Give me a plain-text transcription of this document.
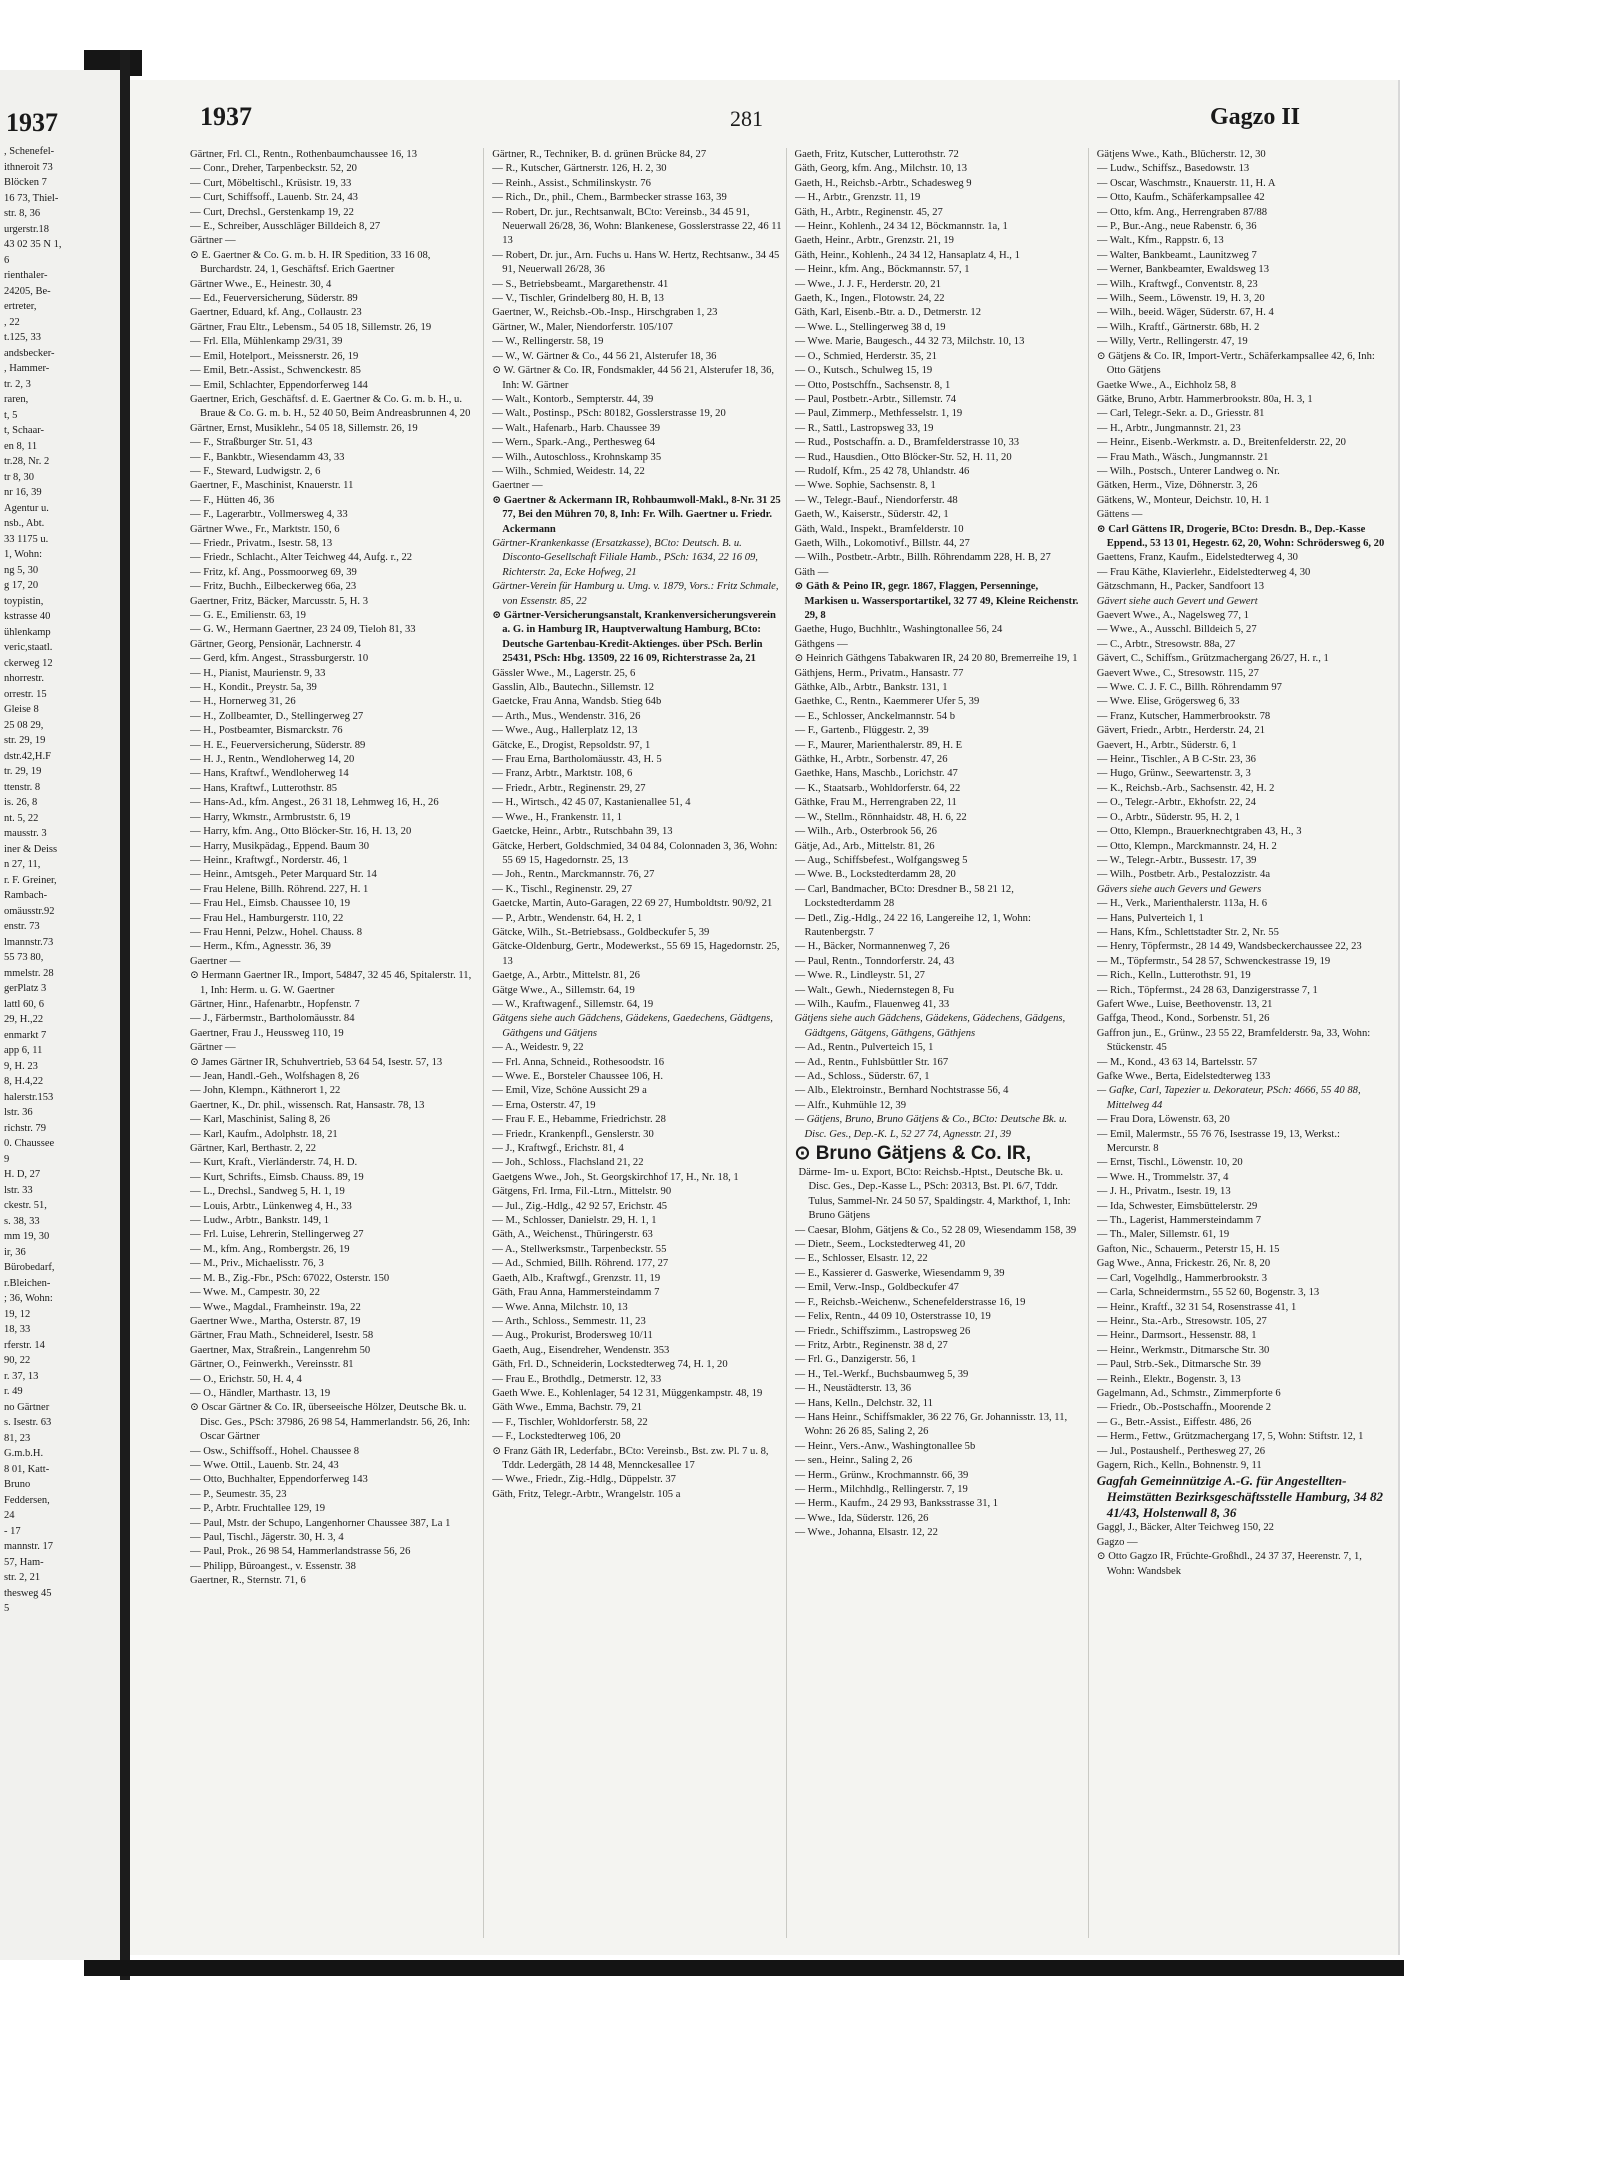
1937
, Schenefel-
ithneroit 73
Blöcken 7
16 73, Thiel-
str. 8, 36
urgerstr.18
43 02 35 N 1,
6
rienthaler-
24205, Be-
ertreter,
, 22
t.125, 33
andsbecker-
, Hammer-
tr. 2, 3
raren,
t, 5
t, Schaar-
en 8, 11
tr.28, Nr. 2
tr 8, 30
nr 16, 39
Agentur u.
nsb., Abt.
33 1175 u.
1, Wohn:
ng 5, 30
g 17, 20
toypistin,
kstrasse 40
ühlenkamp
veric,staatl.
ckerweg 12
nhorrestr.
orrestr. 15
Gleise 8
25 08 29,
str. 29, 19
dstr.42,H.F
tr. 29, 19
ttenstr. 8
is. 26, 8
nt. 5, 22
mausstr. 3
iner & Deiss
n 27, 11,
r. F. Greiner,
Rambach-
omäusstr.92
enstr. 73
lmannstr.73
55 73 80,
mmelstr. 28
gerPlatz 3
lattl 60, 6
29, H.,22
enmarkt 7
app 6, 11
9, H. 23
8, H.4,22
halerstr.153
lstr. 36
richstr. 79
0. Chaussee
9
H. D, 27
lstr. 33
ckestr. 51,
s. 38, 33
mm 19, 30
ir, 36
Bürobedarf,
r.Bleichen-
; 36, Wohn:
19, 12
18, 33
rferstr. 14
90, 22
r. 37, 13
r. 49
no Gärtner
s. Isestr. 63
81, 23
G.m.b.H.
8 01, Katt-
Bruno
Feddersen,
24
- 17
mannstr. 17
57, Ham-
str. 2, 21
thesweg 45
5
1937	281	Gagzo II

Gärtner, Frl. Cl., Rentn., Rothenbaumchaussee 16, 13

— Conr., Dreher, Tarpenbeckstr. 52, 20

— Curt, Möbeltischl., Krüsistr. 19, 33

— Curt, Schiffsoff., Lauenb. Str. 24, 43

— Curt, Drechsl., Gerstenkamp 19, 22

— E., Schreiber, Ausschläger Billdeich 8, 27

Gärtner —

⊙ E. Gaertner & Co. G. m. b. H. IR Spedition, 33 16 08, Burchardstr. 24, 1, Geschäftsf. Erich Gaertner

Gärtner Wwe., E., Heinestr. 30, 4

— Ed., Feuerversicherung, Süderstr. 89

Gaertner, Eduard, kf. Ang., Collaustr. 23

Gärtner, Frau Eltr., Lebensm., 54 05 18, Sillemstr. 26, 19

— Frl. Ella, Mühlenkamp 29/31, 39

— Emil, Hotelport., Meissnerstr. 26, 19

— Emil, Betr.-Assist., Schwenckestr. 85

— Emil, Schlachter, Eppendorferweg 144

Gaertner, Erich, Geschäftsf. d. E. Gaertner & Co. G. m. b. H., u. Braue & Co. G. m. b. H., 52 40 50, Beim Andreasbrunnen 4, 20

Gärtner, Ernst, Musiklehr., 54 05 18, Sillemstr. 26, 19

— F., Straßburger Str. 51, 43

— F., Bankbtr., Wiesendamm 43, 33

— F., Steward, Ludwigstr. 2, 6

Gaertner, F., Maschinist, Knauerstr. 11

— F., Hütten 46, 36

— F., Lagerarbtr., Vollmersweg 4, 33

Gärtner Wwe., Fr., Marktstr. 150, 6

— Friedr., Privatm., Isestr. 58, 13

— Friedr., Schlacht., Alter Teichweg 44, Aufg. r., 22

— Fritz, kf. Ang., Possmoorweg 69, 39

— Fritz, Buchh., Eilbeckerweg 66a, 23

Gaertner, Fritz, Bäcker, Marcusstr. 5, H. 3

— G. E., Emilienstr. 63, 19

— G. W., Hermann Gaertner, 23 24 09, Tieloh 81, 33

Gärtner, Georg, Pensionär, Lachnerstr. 4

— Gerd, kfm. Angest., Strassburgerstr. 10

— H., Pianist, Maurienstr. 9, 33

— H., Kondit., Preystr. 5a, 39

— H., Hornerweg 31, 26

— H., Zollbeamter, D., Stellingerweg 27

— H., Postbeamter, Bismarckstr. 76

— H. E., Feuerversicherung, Süderstr. 89

— H. J., Rentn., Wendloherweg 14, 20

— Hans, Kraftwf., Wendloherweg 14

— Hans, Kraftwf., Lutterothstr. 85

— Hans-Ad., kfm. Angest., 26 31 18, Lehmweg 16, H., 26

— Harry, Wkmstr., Armbruststr. 6, 19

— Harry, kfm. Ang., Otto Blöcker-Str. 16, H. 13, 20

— Harry, Musikpädag., Eppend. Baum 30

— Heinr., Kraftwgf., Norderstr. 46, 1

— Heinr., Amtsgeh., Peter Marquard Str. 14

— Frau Helene, Billh. Röhrend. 227, H. 1

— Frau Hel., Eimsb. Chaussee 10, 19

— Frau Hel., Hamburgerstr. 110, 22

— Frau Henni, Pelzw., Hohel. Chauss. 8

— Herm., Kfm., Agnesstr. 36, 39

Gaertner —

⊙ Hermann Gaertner IR., Import, 54847, 32 45 46, Spitalerstr. 11, 1, Inh: Herm. u. G. W. Gaertner

Gärtner, Hinr., Hafenarbtr., Hopfenstr. 7

— J., Färbermstr., Bartholomäusstr. 84

Gaertner, Frau J., Heussweg 110, 19

Gärtner —

⊙ James Gärtner IR, Schuhvertrieb, 53 64 54, Isestr. 57, 13

— Jean, Handl.-Geh., Wolfshagen 8, 26

— John, Klempn., Käthnerort 1, 22

Gaertner, K., Dr. phil., wissensch. Rat, Hansastr. 78, 13

— Karl, Maschinist, Saling 8, 26

— Karl, Kaufm., Adolphstr. 18, 21

Gärtner, Karl, Berthastr. 2, 22

— Kurt, Kraft., Vierländerstr. 74, H. D.

— Kurt, Schrifts., Eimsb. Chauss. 89, 19

— L., Drechsl., Sandweg 5, H. 1, 19

— Louis, Arbtr., Lünkenweg 4, H., 33

— Ludw., Arbtr., Bankstr. 149, 1

— Frl. Luise, Lehrerin, Stellingerweg 27

— M., kfm. Ang., Rombergstr. 26, 19

— M., Priv., Michaelisstr. 76, 3

— M. B., Zig.-Fbr., PSch: 67022, Osterstr. 150

— Wwe. M., Campestr. 30, 22

— Wwe., Magdal., Framheinstr. 19a, 22

Gaertner Wwe., Martha, Osterstr. 87, 19

Gärtner, Frau Math., Schneiderel, Isestr. 58

Gaertner, Max, Straßrein., Langenrehm 50

Gärtner, O., Feinwerkh., Vereinsstr. 81

— O., Erichstr. 50, H. 4, 4

— O., Händler, Marthastr. 13, 19

⊙ Oscar Gärtner & Co. IR, überseeische Hölzer, Deutsche Bk. u. Disc. Ges., PSch: 37986, 26 98 54, Hammerlandstr. 56, 26, Inh: Oscar Gärtner

— Osw., Schiffsoff., Hohel. Chaussee 8

— Wwe. Ottil., Lauenb. Str. 24, 43

— Otto, Buchhalter, Eppendorferweg 143

— P., Seumestr. 35, 23

— P., Arbtr. Fruchtallee 129, 19

— Paul, Mstr. der Schupo, Langenhorner Chaussee 387, La 1

— Paul, Tischl., Jägerstr. 30, H. 3, 4

— Paul, Prok., 26 98 54, Hammerlandstrasse 56, 26

— Philipp, Büroangest., v. Essenstr. 38

Gaertner, R., Sternstr. 71, 6

Gärtner, R., Techniker, B. d. grünen Brücke 84, 27

— R., Kutscher, Gärtnerstr. 126, H. 2, 30

— Reinh., Assist., Schmilinskystr. 76

— Rich., Dr., phil., Chem., Barmbecker strasse 163, 39

— Robert, Dr. jur., Rechtsanwalt, BCto: Vereinsb., 34 45 91, Neuerwall 26/28, 36, Wohn: Blankenese, Gosslerstrasse 22, 46 11 13

— Robert, Dr. jur., Arn. Fuchs u. Hans W. Hertz, Rechtsanw., 34 45 91, Neuerwall 26/28, 36

— S., Betriebsbeamt., Margarethenstr. 41

— V., Tischler, Grindelberg 80, H. B, 13

Gaertner, W., Reichsb.-Ob.-Insp., Hirschgraben 1, 23

Gärtner, W., Maler, Niendorferstr. 105/107

— W., Rellingerstr. 58, 19

— W., W. Gärtner & Co., 44 56 21, Alsterufer 18, 36

⊙ W. Gärtner & Co. IR, Fondsmakler, 44 56 21, Alsterufer 18, 36, Inh: W. Gärtner

— Walt., Kontorb., Sempterstr. 44, 39

— Walt., Postinsp., PSch: 80182, Gosslerstrasse 19, 20

— Walt., Hafenarb., Harb. Chaussee 39

— Wern., Spark.-Ang., Perthesweg 64

— Wilh., Autoschloss., Krohnskamp 35

— Wilh., Schmied, Weidestr. 14, 22

Gaertner —

⊙ Gaertner & Ackermann IR, Rohbaumwoll-Makl., 8-Nr. 31 25 77, Bei den Mühren 70, 8, Inh: Fr. Wilh. Gaertner u. Friedr. Ackermann

Gärtner-Krankenkasse (Ersatzkasse), BCto: Deutsch. B. u. Disconto-Gesellschaft Filiale Hamb., PSch: 1634, 22 16 09, Richterstr. 2a, Ecke Hofweg, 21

Gärtner-Verein für Hamburg u. Umg. v. 1879, Vors.: Fritz Schmale, von Essenstr. 85, 22

⊙ Gärtner-Versicherungsanstalt, Krankenversicherungsverein a. G. in Hamburg IR, Hauptverwaltung Hamburg, BCto: Deutsche Gartenbau-Kredit-Aktienges. über PSch. Berlin 25431, PSch: Hbg. 13509, 22 16 09, Richterstrasse 2a, 21

Gässler Wwe., M., Lagerstr. 25, 6

Gasslin, Alb., Bautechn., Sillemstr. 12

Gaetcke, Frau Anna, Wandsb. Stieg 64b

— Arth., Mus., Wendenstr. 316, 26

— Wwe., Aug., Hallerplatz 12, 13

Gätcke, E., Drogist, Repsoldstr. 97, 1

— Frau Erna, Bartholomäusstr. 43, H. 5

— Franz, Arbtr., Marktstr. 108, 6

— Friedr., Arbtr., Reginenstr. 29, 27

— H., Wirtsch., 42 45 07, Kastanienallee 51, 4

— Wwe., H., Frankenstr. 11, 1

Gaetcke, Heinr., Arbtr., Rutschbahn 39, 13

Gätcke, Herbert, Goldschmied, 34 04 84, Colonnaden 3, 36, Wohn: 55 69 15, Hagedornstr. 25, 13

— Joh., Rentn., Marckmannstr. 76, 27

— K., Tischl., Reginenstr. 29, 27

Gaetcke, Martin, Auto-Garagen, 22 69 27, Humboldtstr. 90/92, 21

— P., Arbtr., Wendenstr. 64, H. 2, 1

Gätcke, Wilh., St.-Betriebsass., Goldbeckufer 5, 39

Gätcke-Oldenburg, Gertr., Modewerkst., 55 69 15, Hagedornstr. 25, 13

Gaetge, A., Arbtr., Mittelstr. 81, 26

Gätge Wwe., A., Sillemstr. 64, 19

— W., Kraftwagenf., Sillemstr. 64, 19

Gätgens siehe auch Gädchens, Gädekens, Gaedechens, Gädtgens, Gäthgens und Gätjens

— A., Weidestr. 9, 22

— Frl. Anna, Schneid., Rothesoodstr. 16

— Wwe. E., Borsteler Chaussee 106, H.

— Emil, Vize, Schöne Aussicht 29 a

— Erna, Osterstr. 47, 19

— Frau F. E., Hebamme, Friedrichstr. 28

— Friedr., Krankenpfl., Genslerstr. 30

— J., Kraftwgf., Erichstr. 81, 4

— Joh., Schloss., Flachsland 21, 22

Gaetgens Wwe., Joh., St. Georgskirchhof 17, H., Nr. 18, 1

Gätgens, Frl. Irma, Fil.-Ltrn., Mittelstr. 90

— Jul., Zig.-Hdlg., 42 92 57, Erichstr. 45

— M., Schlosser, Danielstr. 29, H. 1, 1

Gäth, A., Weichenst., Thüringerstr. 63

— A., Stellwerksmstr., Tarpenbeckstr. 55

— Ad., Schmied, Billh. Röhrend. 177, 27

Gaeth, Alb., Kraftwgf., Grenzstr. 11, 19

Gäth, Frau Anna, Hammersteindamm 7

— Wwe. Anna, Milchstr. 10, 13

— Arth., Schloss., Semmestr. 11, 23

— Aug., Prokurist, Brodersweg 10/11

Gaeth, Aug., Eisendreher, Wendenstr. 353

Gäth, Frl. D., Schneiderin, Lockstedterweg 74, H. 1, 20

— Frau E., Brothdlg., Detmerstr. 12, 33

Gaeth Wwe. E., Kohlenlager, 54 12 31, Müggenkampstr. 48, 19

Gäth Wwe., Emma, Bachstr. 79, 21

— F., Tischler, Wohldorferstr. 58, 22

— F., Lockstedterweg 106, 20

⊙ Franz Gäth IR, Lederfabr., BCto: Vereinsb., Bst. zw. Pl. 7 u. 8, Tddr. Ledergäth, 28 14 48, Mennckesallee 17

— Wwe., Friedr., Zig.-Hdlg., Düppelstr. 37

Gäth, Fritz, Telegr.-Arbtr., Wrangelstr. 105 a

Gaeth, Fritz, Kutscher, Lutterothstr. 72

Gäth, Georg, kfm. Ang., Milchstr. 10, 13

Gaeth, H., Reichsb.-Arbtr., Schadesweg 9

— H., Arbtr., Grenzstr. 11, 19

Gäth, H., Arbtr., Reginenstr. 45, 27

— Heinr., Kohlenh., 24 34 12, Böckmannstr. 1a, 1

Gaeth, Heinr., Arbtr., Grenzstr. 21, 19

Gäth, Heinr., Kohlenh., 24 34 12, Hansaplatz 4, H., 1

— Heinr., kfm. Ang., Böckmannstr. 57, 1

— Wwe., J. J. F., Herderstr. 20, 21

Gaeth, K., Ingen., Flotowstr. 24, 22

Gäth, Karl, Eisenb.-Btr. a. D., Detmerstr. 12

— Wwe. L., Stellingerweg 38 d, 19

— Wwe. Marie, Baugesch., 44 32 73, Milchstr. 10, 13

— O., Schmied, Herderstr. 35, 21

— O., Kutsch., Schulweg 15, 19

— Otto, Postschffn., Sachsenstr. 8, 1

— Paul, Postbetr.-Arbtr., Sillemstr. 74

— Paul, Zimmerp., Methfesselstr. 1, 19

— R., Sattl., Lastropsweg 33, 19

— Rud., Postschaffn. a. D., Bramfelderstrasse 10, 33

— Rud., Hausdien., Otto Blöcker-Str. 52, H. 11, 20

— Rudolf, Kfm., 25 42 78, Uhlandstr. 46

— Wwe. Sophie, Sachsenstr. 8, 1

— W., Telegr.-Bauf., Niendorferstr. 48

Gaeth, W., Kaiserstr., Süderstr. 42, 1

Gäth, Wald., Inspekt., Bramfelderstr. 10

Gaeth, Wilh., Lokomotivf., Billstr. 44, 27

— Wilh., Postbetr.-Arbtr., Billh. Röhrendamm 228, H. B, 27

Gäth —

⊙ Gäth & Peino IR, gegr. 1867, Flaggen, Persenninge, Markisen u. Wassersportartikel, 32 77 49, Kleine Reichenstr. 29, 8

Gaethe, Hugo, Buchhltr., Washingtonallee 56, 24

Gäthgens —

⊙ Heinrich Gäthgens Tabakwaren IR, 24 20 80, Bremerreihe 19, 1

Gäthjens, Herm., Privatm., Hansastr. 77

Gäthke, Alb., Arbtr., Bankstr. 131, 1

Gaethke, C., Rentn., Kaemmerer Ufer 5, 39

— E., Schlosser, Anckelmannstr. 54 b

— F., Gartenb., Flüggestr. 2, 39

— F., Maurer, Marienthalerstr. 89, H. E

Gäthke, H., Arbtr., Sorbenstr. 47, 26

Gaethke, Hans, Maschb., Lorichstr. 47

— K., Staatsarb., Wohldorferstr. 64, 22

Gäthke, Frau M., Herrengraben 22, 11

— W., Stellm., Rönnhaidstr. 48, H. 6, 22

— Wilh., Arb., Osterbrook 56, 26

Gätje, Ad., Arb., Mittelstr. 81, 26

— Aug., Schiffsbefest., Wolfgangsweg 5

— Wwe. B., Lockstedterdamm 28, 20

— Carl, Bandmacher, BCto: Dresdner B., 58 21 12, Lockstedterdamm 28

— Detl., Zig.-Hdlg., 24 22 16, Langereihe 12, 1, Wohn: Rautenbergstr. 7

— H., Bäcker, Normannenweg 7, 26

— Paul, Rentn., Tonndorferstr. 24, 43

— Wwe. R., Lindleystr. 51, 27

— Walt., Gewh., Niedernstegen 8, Fu

— Wilh., Kaufm., Flauenweg 41, 33

Gätjens siehe auch Gädchens, Gädekens, Gädechens, Gädgens, Gädtgens, Gätgens, Gäthgens, Gäthjens

— Ad., Rentn., Pulverteich 15, 1

— Ad., Rentn., Fuhlsbüttler Str. 167

— Ad., Schloss., Süderstr. 67, 1

— Alb., Elektroinstr., Bernhard Nochtstrasse 56, 4

— Alfr., Kuhmühle 12, 39

— Gätjens, Bruno, Bruno Gätjens & Co., BCto: Deutsche Bk. u. Disc. Ges., Dep.-K. L, 52 27 74, Agnesstr. 21, 39

⊙ Bruno Gätjens & Co. IR,

Därme- Im- u. Export, BCto: Reichsb.-Hptst., Deutsche Bk. u. Disc. Ges., Dep.-Kasse L., PSch: 20313, Bst. Pl. 6/7, Tddr. Tulus, Sammel-Nr. 24 50 57, Spaldingstr. 4, Markthof, 1, Inh: Bruno Gätjens

— Caesar, Blohm, Gätjens & Co., 52 28 09, Wiesendamm 158, 39

— Dietr., Seem., Lockstedterweg 41, 20

— E., Schlosser, Elsastr. 12, 22

— E., Kassierer d. Gaswerke, Wiesendamm 9, 39

— Emil, Verw.-Insp., Goldbeckufer 47

— F., Reichsb.-Weichenw., Schenefelderstrasse 16, 19

— Felix, Rentn., 44 09 10, Osterstrasse 10, 19

— Friedr., Schiffszimm., Lastropsweg 26

— Fritz, Arbtr., Reginenstr. 38 d, 27

— Frl. G., Danzigerstr. 56, 1

— H., Tel.-Werkf., Buchsbaumweg 5, 39

— H., Neustädterstr. 13, 36

— Hans, Kelln., Delchstr. 32, 11

— Hans Heinr., Schiffsmakler, 36 22 76, Gr. Johannisstr. 13, 11, Wohn: 26 26 85, Saling 2, 26

— Heinr., Vers.-Anw., Washingtonallee 5b

— sen., Heinr., Saling 2, 26

— Herm., Grünw., Krochmannstr. 66, 39

— Herm., Milchhdlg., Rellingerstr. 7, 19

— Herm., Kaufm., 24 29 93, Banksstrasse 31, 1

— Wwe., Ida, Süderstr. 126, 26

— Wwe., Johanna, Elsastr. 12, 22

Gätjens Wwe., Kath., Blücherstr. 12, 30

— Ludw., Schiffsz., Basedowstr. 13

— Oscar, Waschmstr., Knauerstr. 11, H. A

— Otto, Kaufm., Schäferkampsallee 42

— Otto, kfm. Ang., Herrengraben 87/88

— P., Bur.-Ang., neue Rabenstr. 6, 36

— Walt., Kfm., Rappstr. 6, 13

— Walter, Bankbeamt., Launitzweg 7

— Werner, Bankbeamter, Ewaldsweg 13

— Wilh., Kraftwgf., Conventstr. 8, 23

— Wilh., Seem., Löwenstr. 19, H. 3, 20

— Wilh., beeid. Wäger, Süderstr. 67, H. 4

— Wilh., Kraftf., Gärtnerstr. 68b, H. 2

— Willy, Vertr., Rellingerstr. 47, 19

⊙ Gätjens & Co. IR, Import-Vertr., Schäferkampsallee 42, 6, Inh: Otto Gätjens

Gaetke Wwe., A., Eichholz 58, 8

Gätke, Bruno, Arbtr. Hammerbrookstr. 80a, H. 3, 1

— Carl, Telegr.-Sekr. a. D., Griesstr. 81

— H., Arbtr., Jungmannstr. 21, 23

— Heinr., Eisenb.-Werkmstr. a. D., Breitenfelderstr. 22, 20

— Frau Math., Wäsch., Jungmannstr. 21

— Wilh., Postsch., Unterer Landweg o. Nr.

Gätken, Herm., Vize, Döhnerstr. 3, 26

Gätkens, W., Monteur, Deichstr. 10, H. 1

Gättens —

⊙ Carl Gättens IR, Drogerie, BCto: Dresdn. B., Dep.-Kasse Eppend., 53 13 01, Hegestr. 62, 20, Wohn: Schrödersweg 6, 20

Gaettens, Franz, Kaufm., Eidelstedterweg 4, 30

— Frau Käthe, Klavierlehr., Eidelstedterweg 4, 30

Gätzschmann, H., Packer, Sandfoort 13

Gävert siehe auch Gevert und Gewert

Gaevert Wwe., A., Nagelsweg 77, 1

— Wwe., A., Ausschl. Billdeich 5, 27

— C., Arbtr., Stresowstr. 88a, 27

Gävert, C., Schiffsm., Grützmachergang 26/27, H. r., 1

Gaevert Wwe., C., Stresowstr. 115, 27

— Wwe. C. J. F. C., Billh. Röhrendamm 97

— Wwe. Elise, Grögersweg 6, 33

— Franz, Kutscher, Hammerbrookstr. 78

Gävert, Friedr., Arbtr., Herderstr. 24, 21

Gaevert, H., Arbtr., Süderstr. 6, 1

— Heinr., Tischler., A B C-Str. 23, 36

— Hugo, Grünw., Seewartenstr. 3, 3

— K., Reichsb.-Arb., Sachsenstr. 42, H. 2

— O., Telegr.-Arbtr., Ekhofstr. 22, 24

— O., Arbtr., Süderstr. 95, H. 2, 1

— Otto, Klempn., Brauerknechtgraben 43, H., 3

— Otto, Klempn., Marckmannstr. 24, H. 2

— W., Telegr.-Arbtr., Bussestr. 17, 39

— Wilh., Postbetr. Arb., Pestalozzistr. 4a

Gävers siehe auch Gevers und Gewers

— H., Verk., Marienthalerstr. 113a, H. 6

— Hans, Pulverteich 1, 1

— Hans, Kfm., Schlettstadter Str. 2, Nr. 55

— Henry, Töpfermstr., 28 14 49, Wandsbeckerchaussee 22, 23

— M., Töpfermstr., 54 28 57, Schwenckestrasse 19, 19

— Rich., Kelln., Lutterothstr. 91, 19

— Rich., Töpfermst., 24 28 63, Danzigerstrasse 7, 1

Gafert Wwe., Luise, Beethovenstr. 13, 21

Gaffga, Theod., Kond., Sorbenstr. 51, 26

Gaffron jun., E., Grünw., 23 55 22, Bramfelderstr. 9a, 33, Wohn: Stückenstr. 45

— M., Kond., 43 63 14, Bartelsstr. 57

Gafke Wwe., Berta, Eidelstedterweg 133

— Gafke, Carl, Tapezier u. Dekorateur, PSch: 4666, 55 40 88, Mittelweg 44

— Frau Dora, Löwenstr. 63, 20

— Emil, Malermstr., 55 76 76, Isestrasse 19, 13, Werkst.: Mercurstr. 8

— Ernst, Tischl., Löwenstr. 10, 20

— Wwe. H., Trommelstr. 37, 4

— J. H., Privatm., Isestr. 19, 13

— Ida, Schwester, Eimsbüttelerstr. 29

— Th., Lagerist, Hammersteindamm 7

— Th., Maler, Sillemstr. 61, 19

Gafton, Nic., Schauerm., Peterstr 15, H. 15

Gag Wwe., Anna, Frickestr. 26, Nr. 8, 20

— Carl, Vogelhdlg., Hammerbrookstr. 3

— Carla, Schneidermstrn., 55 52 60, Bogenstr. 3, 13

— Heinr., Kraftf., 32 31 54, Rosenstrasse 41, 1

— Heinr., Sta.-Arb., Stresowstr. 105, 27

— Heinr., Darmsort., Hessenstr. 88, 1

— Heinr., Werkmstr., Ditmarsche Str. 30

— Paul, Strb.-Sek., Ditmarsche Str. 39

— Reinh., Elektr., Bogenstr. 3, 13

Gagelmann, Ad., Schmstr., Zimmerpforte 6

— Friedr., Ob.-Postschaffn., Moorende 2

— G., Betr.-Assist., Eiffestr. 486, 26

— Herm., Fettw., Grützmachergang 17, 5, Wohn: Stiftstr. 12, 1

— Jul., Postaushelf., Perthesweg 27, 26

Gagern, Rich., Kelln., Bohnenstr. 9, 11

Gagfah Gemeinnützige A.-G. für Angestellten-Heimstätten Bezirksgeschäftsstelle Hamburg, 34 82 41/43, Holstenwall 8, 36

Gaggl, J., Bäcker, Alter Teichweg 150, 22

Gagzo —

⊙ Otto Gagzo IR, Früchte-Großhdl., 24 37 37, Heerenstr. 7, 1, Wohn: Wandsbek
